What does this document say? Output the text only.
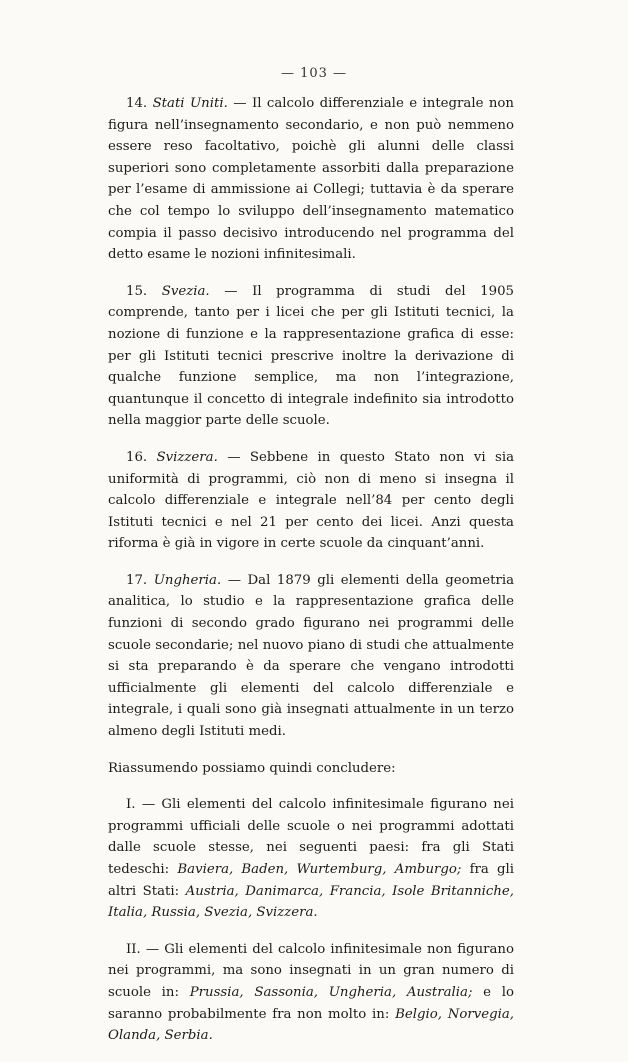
— 103 —

14. Stati Uniti. — Il calcolo differenziale e integrale non figura nell’insegnamento secondario, e non può nemmeno essere reso facoltativo, poichè gli alunni delle classi superiori sono completamente assorbiti dalla preparazione per l’esame di ammissione ai Collegi; tuttavia è da sperare che col tempo lo sviluppo dell’insegnamento matematico compia il passo decisivo introducendo nel programma del detto esame le nozioni infinitesimali.

15. Svezia. — Il programma di studi del 1905 comprende, tanto per i licei che per gli Istituti tecnici, la nozione di funzione e la rappresentazione grafica di esse: per gli Istituti tecnici prescrive inoltre la derivazione di qualche funzione semplice, ma non l’integrazione, quantunque il concetto di integrale indefinito sia introdotto nella maggior parte delle scuole.

16. Svizzera. — Sebbene in questo Stato non vi sia uniformità di programmi, ciò non di meno si insegna il calcolo differenziale e integrale nell’84 per cento degli Istituti tecnici e nel 21 per cento dei licei. Anzi questa riforma è già in vigore in certe scuole da cinquant’anni.

17. Ungheria. — Dal 1879 gli elementi della geometria analitica, lo studio e la rappresentazione grafica delle funzioni di secondo grado figurano nei programmi delle scuole secondarie; nel nuovo piano di studi che attualmente si sta preparando è da sperare che vengano introdotti ufficialmente gli elementi del calcolo differenziale e integrale, i quali sono già insegnati attualmente in un terzo almeno degli Istituti medi.

Riassumendo possiamo quindi concludere:

I. — Gli elementi del calcolo infinitesimale figurano nei programmi ufficiali delle scuole o nei programmi adottati dalle scuole stesse, nei seguenti paesi: fra gli Stati tedeschi: Baviera, Baden, Wurtemburg, Amburgo; fra gli altri Stati: Austria, Danimarca, Francia, Isole Britanniche, Italia, Russia, Svezia, Svizzera.

II. — Gli elementi del calcolo infinitesimale non figurano nei programmi, ma sono insegnati in un gran numero di scuole in: Prussia, Sassonia, Ungheria, Australia; e lo saranno probabilmente fra non molto in: Belgio, Norvegia, Olanda, Serbia.
